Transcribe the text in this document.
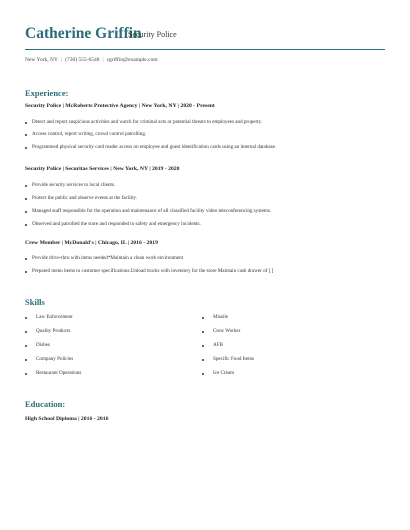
Catherine Griffin
Security Police
New York, NY | (730) 555-6548 | cgriffin@example.com
Experience:
Security Police | McRoberts Protective Agency | New York, NY | 2020 - Present
Detect and report suspicious activities and watch for criminal acts or potential threats to employees and property.
Access control, report writing, crowd control patrolling.
Programmed physical security card reader access on employee and guest identification cards using an internal database.
Security Police | Securitas Services | New York, NY | 2019 - 2020
Provide security services to local clients.
Protect the public and observe events at the facility.
Managed staff responsible for the operation and maintenance of all classified facility video teleconferencing systems.
Observed and patrolled the store and responded to safety and emergency incidents.
Crew Member | McDonald's | Chicago, IL | 2016 - 2019
Provide drive-thru with items needed*Maintain a clean work environment
Prepared menu items to customer specifications.Unload trucks with inventory for the store Maintain cash drawer of [ ]
Skills
Law Enforcement
Quality Products
Dishes
Company Policies
Restaurant Operations
Missile
Crew Worker
AFB
Specific Food Items
Ice Cream
Education:
High School Diploma | 2016 - 2016
